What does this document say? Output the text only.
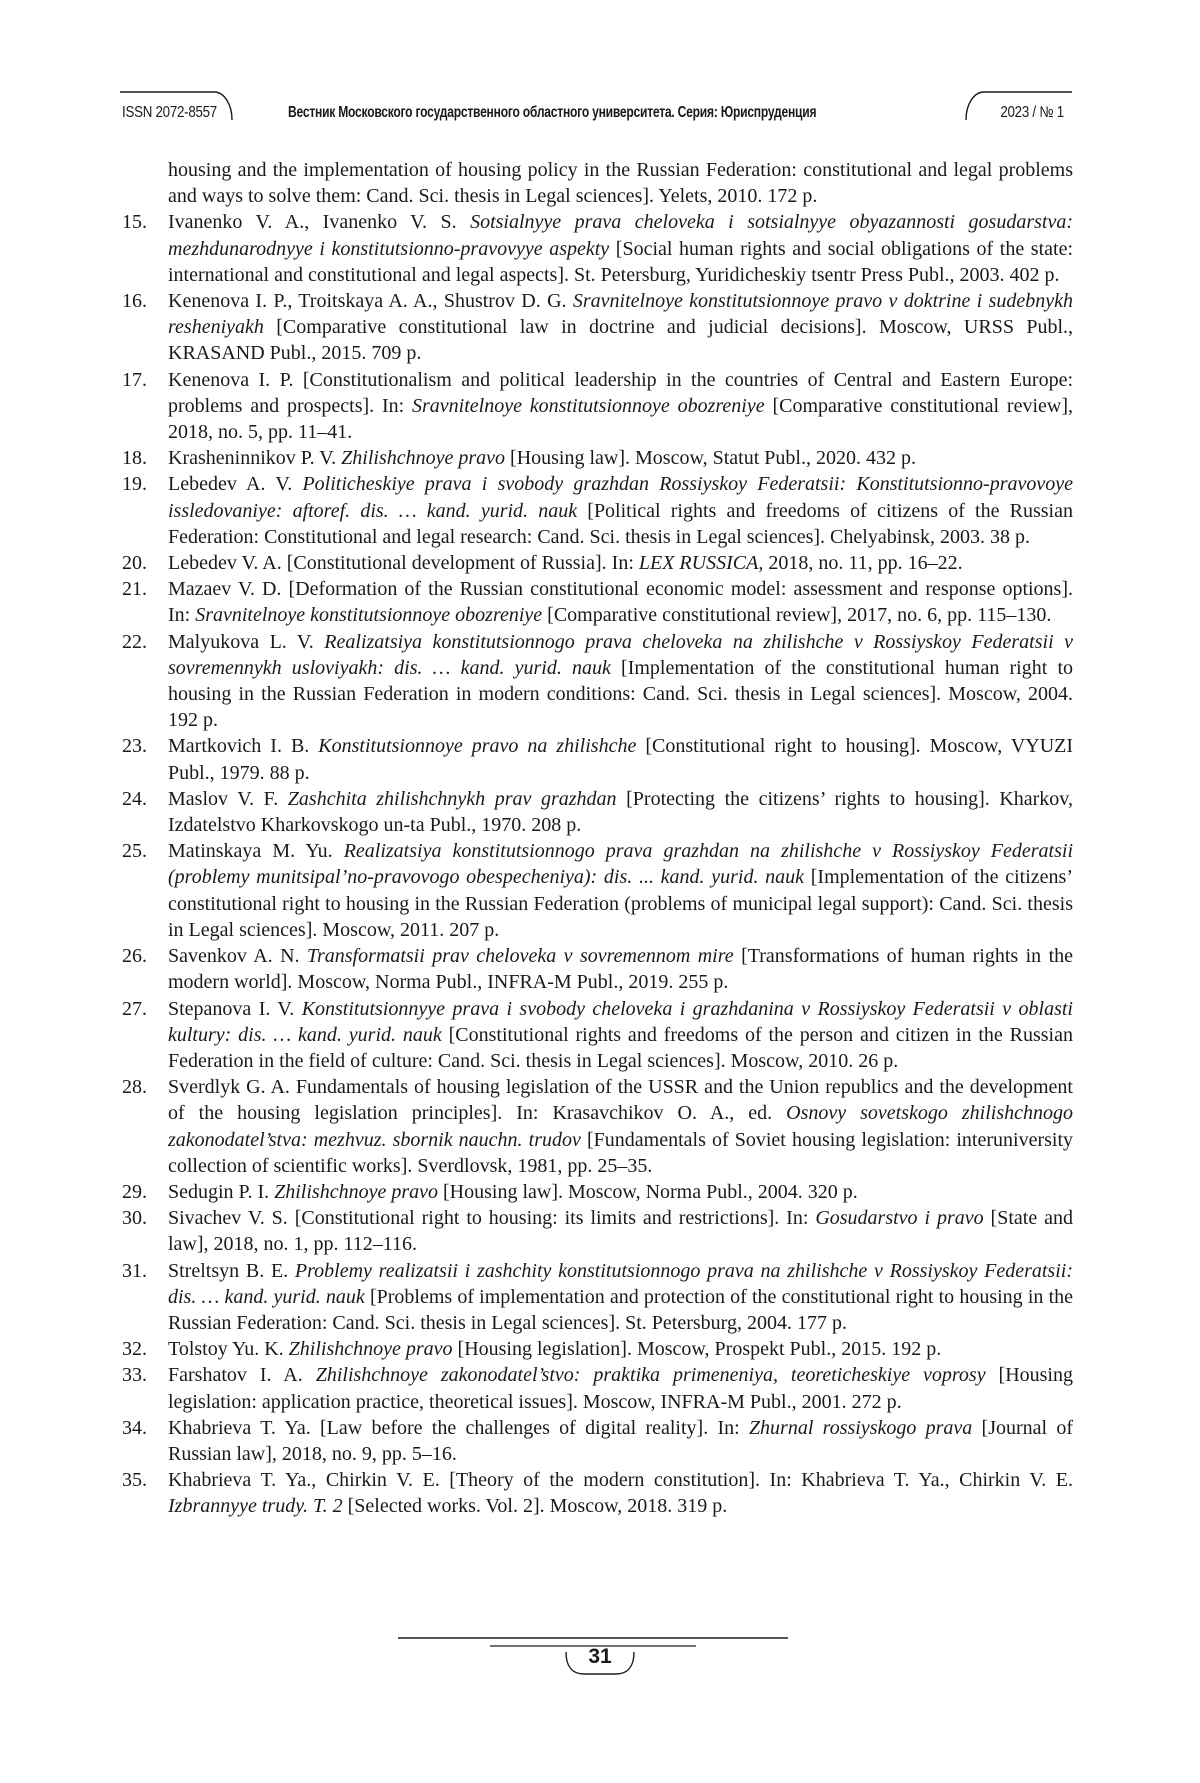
ISSN 2072-8557	Вестник Московского государственного областного университета. Серия: Юриспруденция	2023 / № 1
housing and the implementation of housing policy in the Russian Federation: constitutional and legal problems and ways to solve them: Cand. Sci. thesis in Legal sciences]. Yelets, 2010. 172 p.
15.	Ivanenko V. A., Ivanenko V. S. Sotsialnyye prava cheloveka i sotsialnyye obyazannosti gosudarstva: mezhdunarodnyye i konstitutsionno-pravovyye aspekty [Social human rights and social obligations of the state: international and constitutional and legal aspects]. St. Petersburg, Yuridicheskiy tsentr Press Publ., 2003. 402 p.
16.	Kenenova I. P., Troitskaya A. A., Shustrov D. G. Sravnitelnoye konstitutsionnoye pravo v doktrine i sudebnykh resheniyakh [Comparative constitutional law in doctrine and judicial decisions]. Moscow, URSS Publ., KRASAND Publ., 2015. 709 p.
17.	Kenenova I. P. [Constitutionalism and political leadership in the countries of Central and Eastern Europe: problems and prospects]. In: Sravnitelnoye konstitutsionnoye obozreniye [Comparative constitutional review], 2018, no. 5, pp. 11–41.
18.	Krasheninnikov P. V. Zhilishchnoye pravo [Housing law]. Moscow, Statut Publ., 2020. 432 p.
19.	Lebedev A. V. Politicheskiye prava i svobody grazhdan Rossiyskoy Federatsii: Konstitutsionno-pravovoye issledovaniye: aftoref. dis. … kand. yurid. nauk [Political rights and freedoms of citizens of the Russian Federation: Constitutional and legal research: Cand. Sci. thesis in Legal sciences]. Chelyabinsk, 2003. 38 p.
20.	Lebedev V. A. [Constitutional development of Russia]. In: LEX RUSSICA, 2018, no. 11, pp. 16–22.
21.	Mazaev V. D. [Deformation of the Russian constitutional economic model: assessment and response options]. In: Sravnitelnoye konstitutsionnoye obozreniye [Comparative constitutional review], 2017, no. 6, pp. 115–130.
22.	Malyukova L. V. Realizatsiya konstitutsionnogo prava cheloveka na zhilishche v Rossiyskoy Federatsii v sovremennykh usloviyakh: dis. … kand. yurid. nauk [Implementation of the constitutional human right to housing in the Russian Federation in modern conditions: Cand. Sci. thesis in Legal sciences]. Moscow, 2004. 192 p.
23.	Martkovich I. B. Konstitutsionnoye pravo na zhilishche [Constitutional right to housing]. Moscow, VYUZI Publ., 1979. 88 p.
24.	Maslov V. F. Zashchita zhilishchnykh prav grazhdan [Protecting the citizens’ rights to housing]. Kharkov, Izdatelstvo Kharkovskogo un-ta Publ., 1970. 208 p.
25.	Matinskaya M. Yu. Realizatsiya konstitutsionnogo prava grazhdan na zhilishche v Rossiyskoy Federatsii (problemy munitsipal’no-pravovogo obespecheniya): dis. ... kand. yurid. nauk [Implementation of the citizens’ constitutional right to housing in the Russian Federation (problems of municipal legal support): Cand. Sci. thesis in Legal sciences]. Moscow, 2011. 207 p.
26.	Savenkov A. N. Transformatsii prav cheloveka v sovremennom mire [Transformations of human rights in the modern world]. Moscow, Norma Publ., INFRA-M Publ., 2019. 255 p.
27.	Stepanova I. V. Konstitutsionnyye prava i svobody cheloveka i grazhdanina v Rossiyskoy Federatsii v oblasti kultury: dis. … kand. yurid. nauk [Constitutional rights and freedoms of the person and citizen in the Russian Federation in the field of culture: Cand. Sci. thesis in Legal sciences]. Moscow, 2010. 26 p.
28.	Sverdlyk G. A. Fundamentals of housing legislation of the USSR and the Union republics and the development of the housing legislation principles]. In: Krasavchikov O. A., ed. Osnovy sovetskogo zhilishchnogo zakonodatel’stva: mezhvuz. sbornik nauchn. trudov [Fundamentals of Soviet housing legislation: interuniversity collection of scientific works]. Sverdlovsk, 1981, pp. 25–35.
29.	Sedugin P. I. Zhilishchnoye pravo [Housing law]. Moscow, Norma Publ., 2004. 320 p.
30.	Sivachev V. S. [Constitutional right to housing: its limits and restrictions]. In: Gosudarstvo i pravo [State and law], 2018, no. 1, pp. 112–116.
31.	Streltsyn B. E. Problemy realizatsii i zashchity konstitutsionnogo prava na zhilishche v Rossiyskoy Federatsii: dis. … kand. yurid. nauk [Problems of implementation and protection of the constitutional right to housing in the Russian Federation: Cand. Sci. thesis in Legal sciences]. St. Petersburg, 2004. 177 p.
32.	Tolstoy Yu. K. Zhilishchnoye pravo [Housing legislation]. Moscow, Prospekt Publ., 2015. 192 p.
33.	Farshatov I. A. Zhilishchnoye zakonodatel’stvo: praktika primeneniya, teoreticheskiye voprosy [Housing legislation: application practice, theoretical issues]. Moscow, INFRA-M Publ., 2001. 272 p.
34.	Khabrieva T. Ya. [Law before the challenges of digital reality]. In: Zhurnal rossiyskogo prava [Journal of Russian law], 2018, no. 9, pp. 5–16.
35.	Khabrieva T. Ya., Chirkin V. E. [Theory of the modern constitution]. In: Khabrieva T. Ya., Chirkin V. E. Izbrannyye trudy. T. 2 [Selected works. Vol. 2]. Moscow, 2018. 319 p.
31
